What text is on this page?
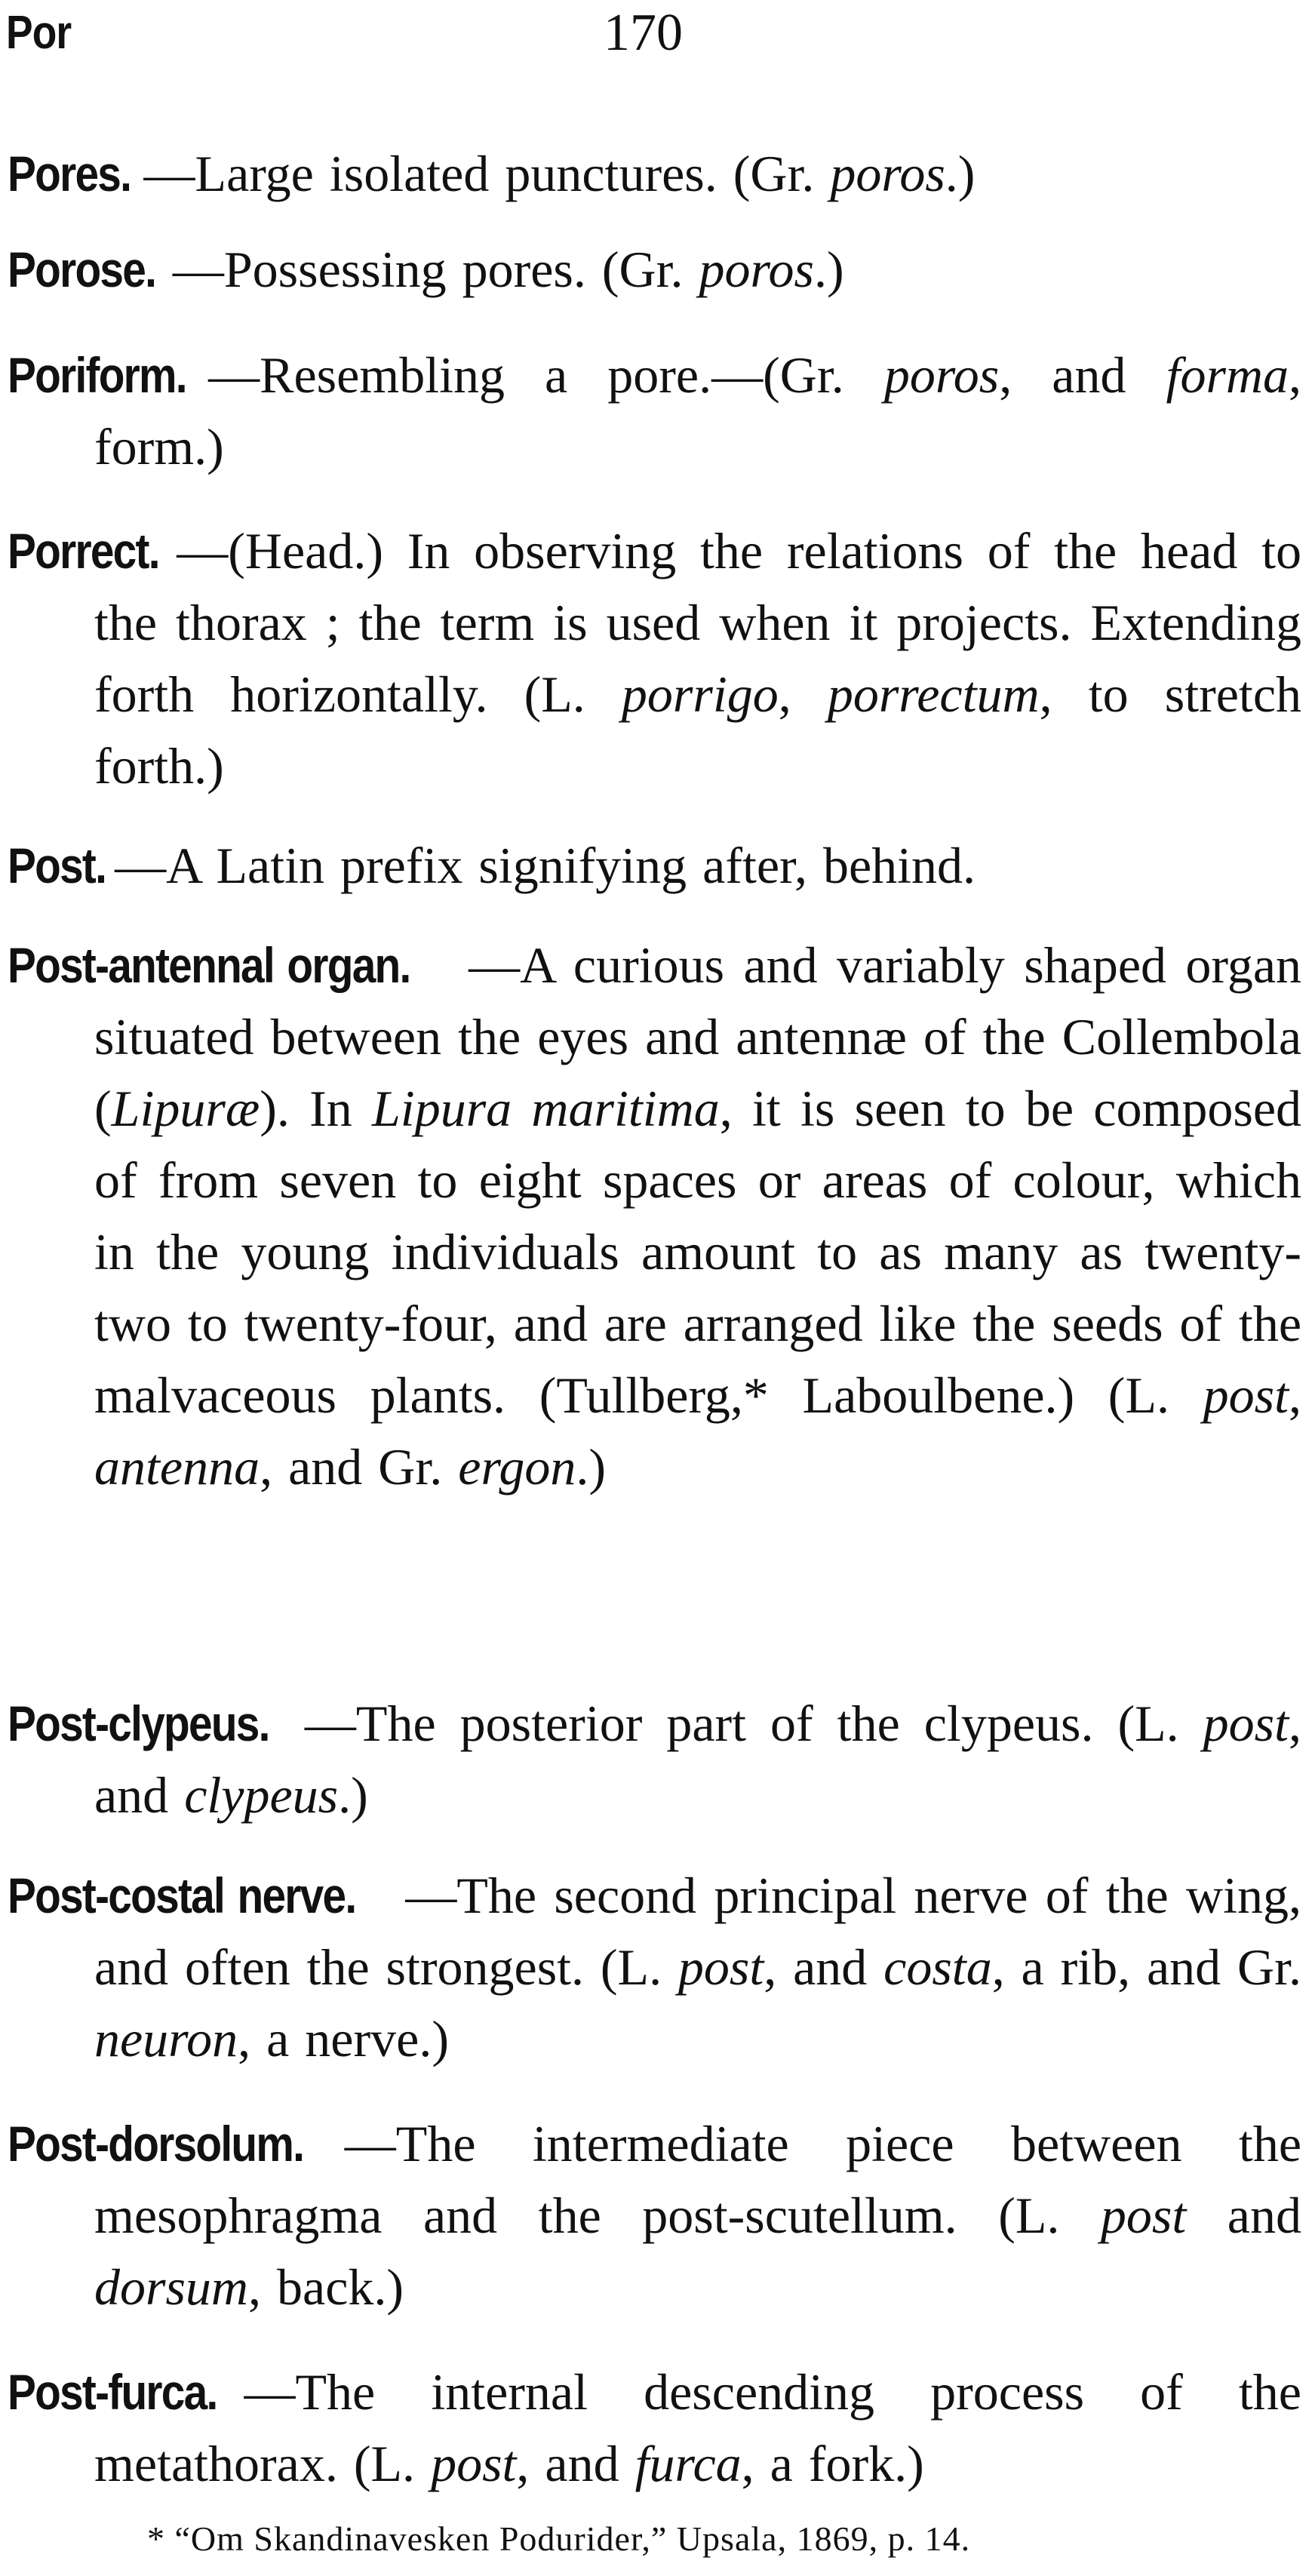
Por	170
Pores. —Large isolated punctures. (Gr. poros.)
Porose. —Possessing pores. (Gr. poros.)
Poriform. —Resembling a pore.—(Gr. poros, and forma, form.)
Porrect. —(Head.) In observing the relations of the head to the thorax ; the term is used when it projects. Extending forth horizontally. (L. porrigo, porrectum, to stretch forth.)
Post. —A Latin prefix signifying after, behind.
Post-antennal organ. —A curious and variably shaped organ situated between the eyes and antennæ of the Collembola (Lipuræ). In Lipura maritima, it is seen to be composed of from seven to eight spaces or areas of colour, which in the young individuals amount to as many as twenty-two to twenty-four, and are arranged like the seeds of the malvaceous plants. (Tullberg,* Laboulbene.) (L. post, antenna, and Gr. ergon.)
Post-clypeus. —The posterior part of the clypeus. (L. post, and clypeus.)
Post-costal nerve. —The second principal nerve of the wing, and often the strongest. (L. post, and costa, a rib, and Gr. neuron, a nerve.)
Post-dorsolum. —The intermediate piece between the mesophragma and the post-scutellum. (L. post and dorsum, back.)
Post-furca. —The internal descending process of the metathorax. (L. post, and furca, a fork.)
* “Om Skandinavesken Podurider,” Upsala, 1869, p. 14.
